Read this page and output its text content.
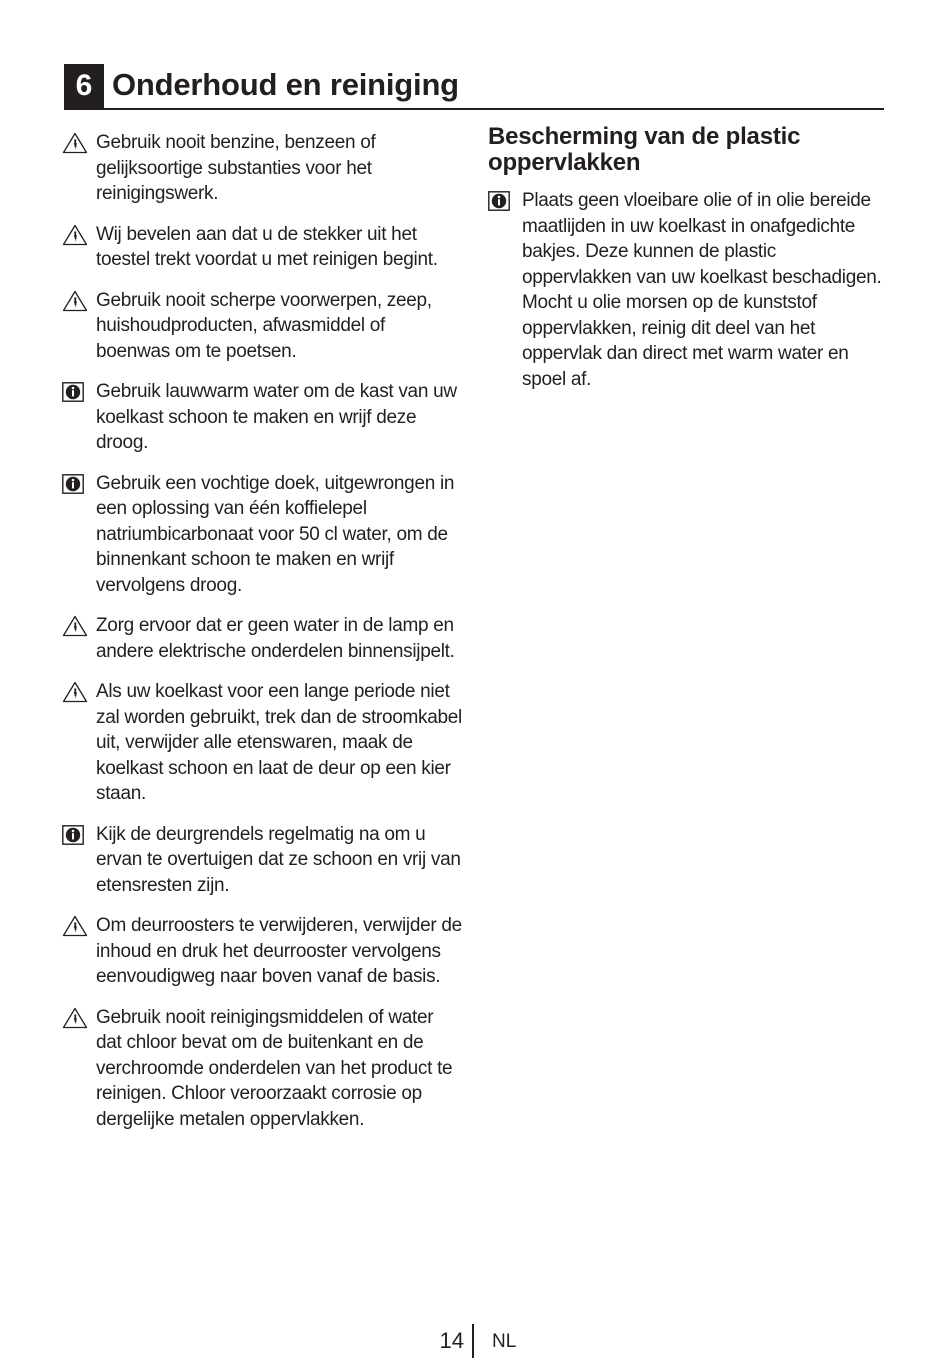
6 Onderhoud en reiniging
Gebruik nooit benzine, benzeen of gelijksoortige substanties voor het reinigingswerk.
Wij bevelen aan dat u de stekker uit het toestel trekt voordat u met reinigen begint.
Gebruik nooit scherpe voorwerpen, zeep, huishoudproducten, afwasmiddel of boenwas om te poetsen.
Gebruik lauwwarm water om de kast van uw koelkast schoon te maken en wrijf deze droog.
Gebruik een vochtige doek, uitgewrongen in een oplossing van één koffielepel natriumbicarbonaat voor 50 cl water, om de binnenkant schoon te maken en wrijf vervolgens droog.
Zorg ervoor dat er geen water in de lamp en andere elektrische onderdelen binnensijpelt.
Als uw koelkast voor een lange periode niet zal worden gebruikt, trek dan de stroomkabel uit, verwijder alle etenswaren, maak de koelkast schoon en laat de deur op een kier staan.
Kijk de deurgrendels regelmatig na om u ervan te overtuigen dat ze schoon en vrij van etensresten zijn.
Om deurroosters te verwijderen, verwijder de inhoud en druk het deurrooster vervolgens eenvoudigweg naar boven vanaf de basis.
Gebruik nooit reinigingsmiddelen of water dat chloor bevat om de buitenkant en de verchroomde onderdelen van het product te reinigen. Chloor veroorzaakt corrosie op dergelijke metalen oppervlakken.
Bescherming van de plastic oppervlakken
Plaats geen vloeibare olie of in olie bereide maatlijden in uw koelkast in onafgedichte bakjes. Deze kunnen de plastic oppervlakken van uw koelkast beschadigen. Mocht u olie morsen op de kunststof oppervlakken, reinig dit deel van het oppervlak dan direct met warm water en spoel af.
14 NL
